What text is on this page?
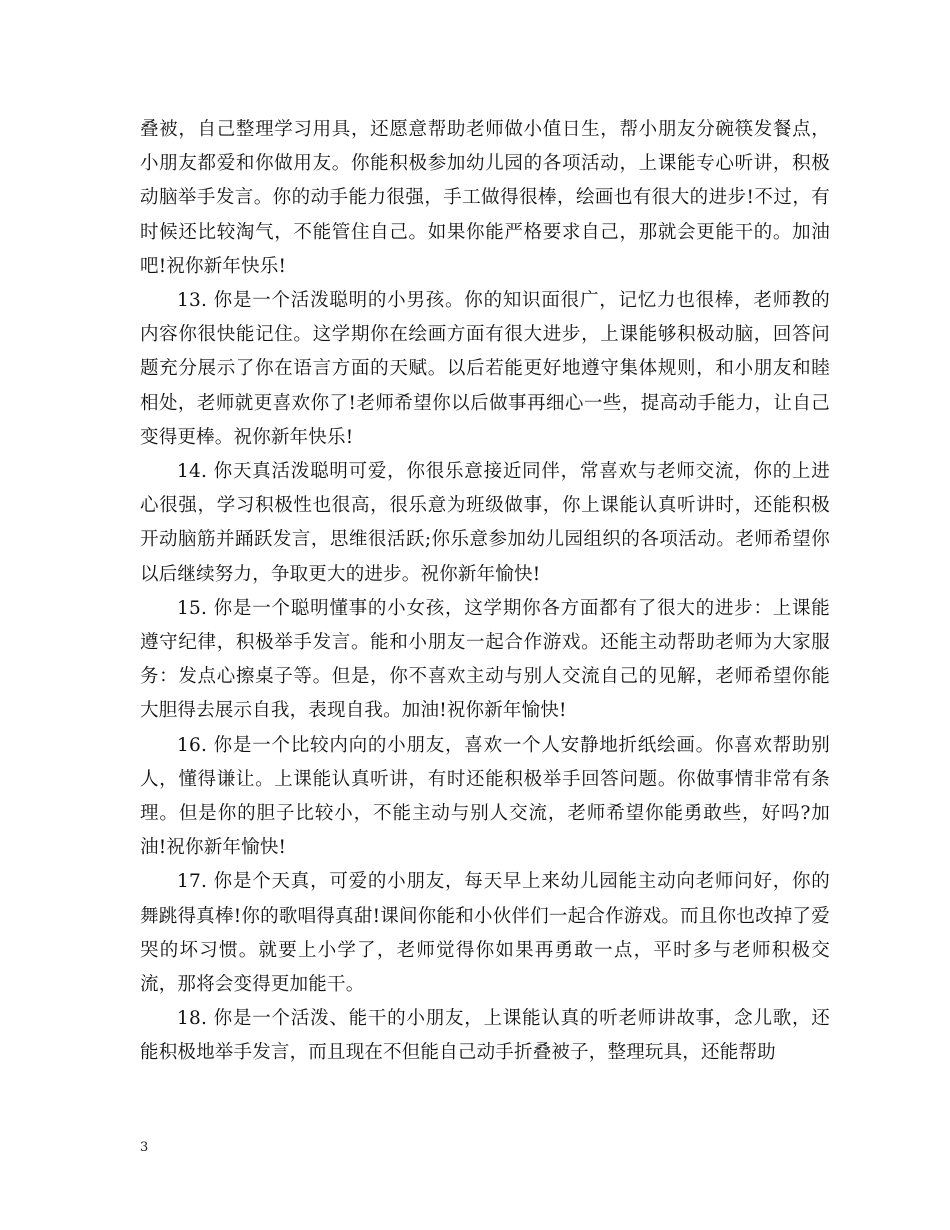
叠被，自己整理学习用具，还愿意帮助老师做小值日生，帮小朋友分碗筷发餐点，小朋友都爱和你做用友。你能积极参加幼儿园的各项活动，上课能专心听讲，积极动脑举手发言。你的动手能力很强，手工做得很棒，绘画也有很大的进步!不过，有时候还比较淘气，不能管住自己。如果你能严格要求自己，那就会更能干的。加油吧!祝你新年快乐!

13. 你是一个活泼聪明的小男孩。你的知识面很广，记忆力也很棒，老师教的内容你很快能记住。这学期你在绘画方面有很大进步，上课能够积极动脑，回答问题充分展示了你在语言方面的天赋。以后若能更好地遵守集体规则，和小朋友和睦相处，老师就更喜欢你了!老师希望你以后做事再细心一些，提高动手能力，让自己变得更棒。祝你新年快乐!

14. 你天真活泼聪明可爱，你很乐意接近同伴，常喜欢与老师交流，你的上进心很强，学习积极性也很高，很乐意为班级做事，你上课能认真听讲时，还能积极开动脑筋并踊跃发言，思维很活跃;你乐意参加幼儿园组织的各项活动。老师希望你以后继续努力，争取更大的进步。祝你新年愉快!

15. 你是一个聪明懂事的小女孩，这学期你各方面都有了很大的进步：上课能遵守纪律，积极举手发言。能和小朋友一起合作游戏。还能主动帮助老师为大家服务：发点心擦桌子等。但是，你不喜欢主动与别人交流自己的见解，老师希望你能大胆得去展示自我，表现自我。加油!祝你新年愉快!

16. 你是一个比较内向的小朋友，喜欢一个人安静地折纸绘画。你喜欢帮助别人，懂得谦让。上课能认真听讲，有时还能积极举手回答问题。你做事情非常有条理。但是你的胆子比较小，不能主动与别人交流，老师希望你能勇敢些，好吗?加油!祝你新年愉快!

17. 你是个天真，可爱的小朋友，每天早上来幼儿园能主动向老师问好，你的舞跳得真棒!你的歌唱得真甜!课间你能和小伙伴们一起合作游戏。而且你也改掉了爱哭的坏习惯。就要上小学了，老师觉得你如果再勇敢一点，平时多与老师积极交流，那将会变得更加能干。

18. 你是一个活泼、能干的小朋友，上课能认真的听老师讲故事，念儿歌，还能积极地举手发言，而且现在不但能自己动手折叠被子，整理玩具，还能帮助

3
